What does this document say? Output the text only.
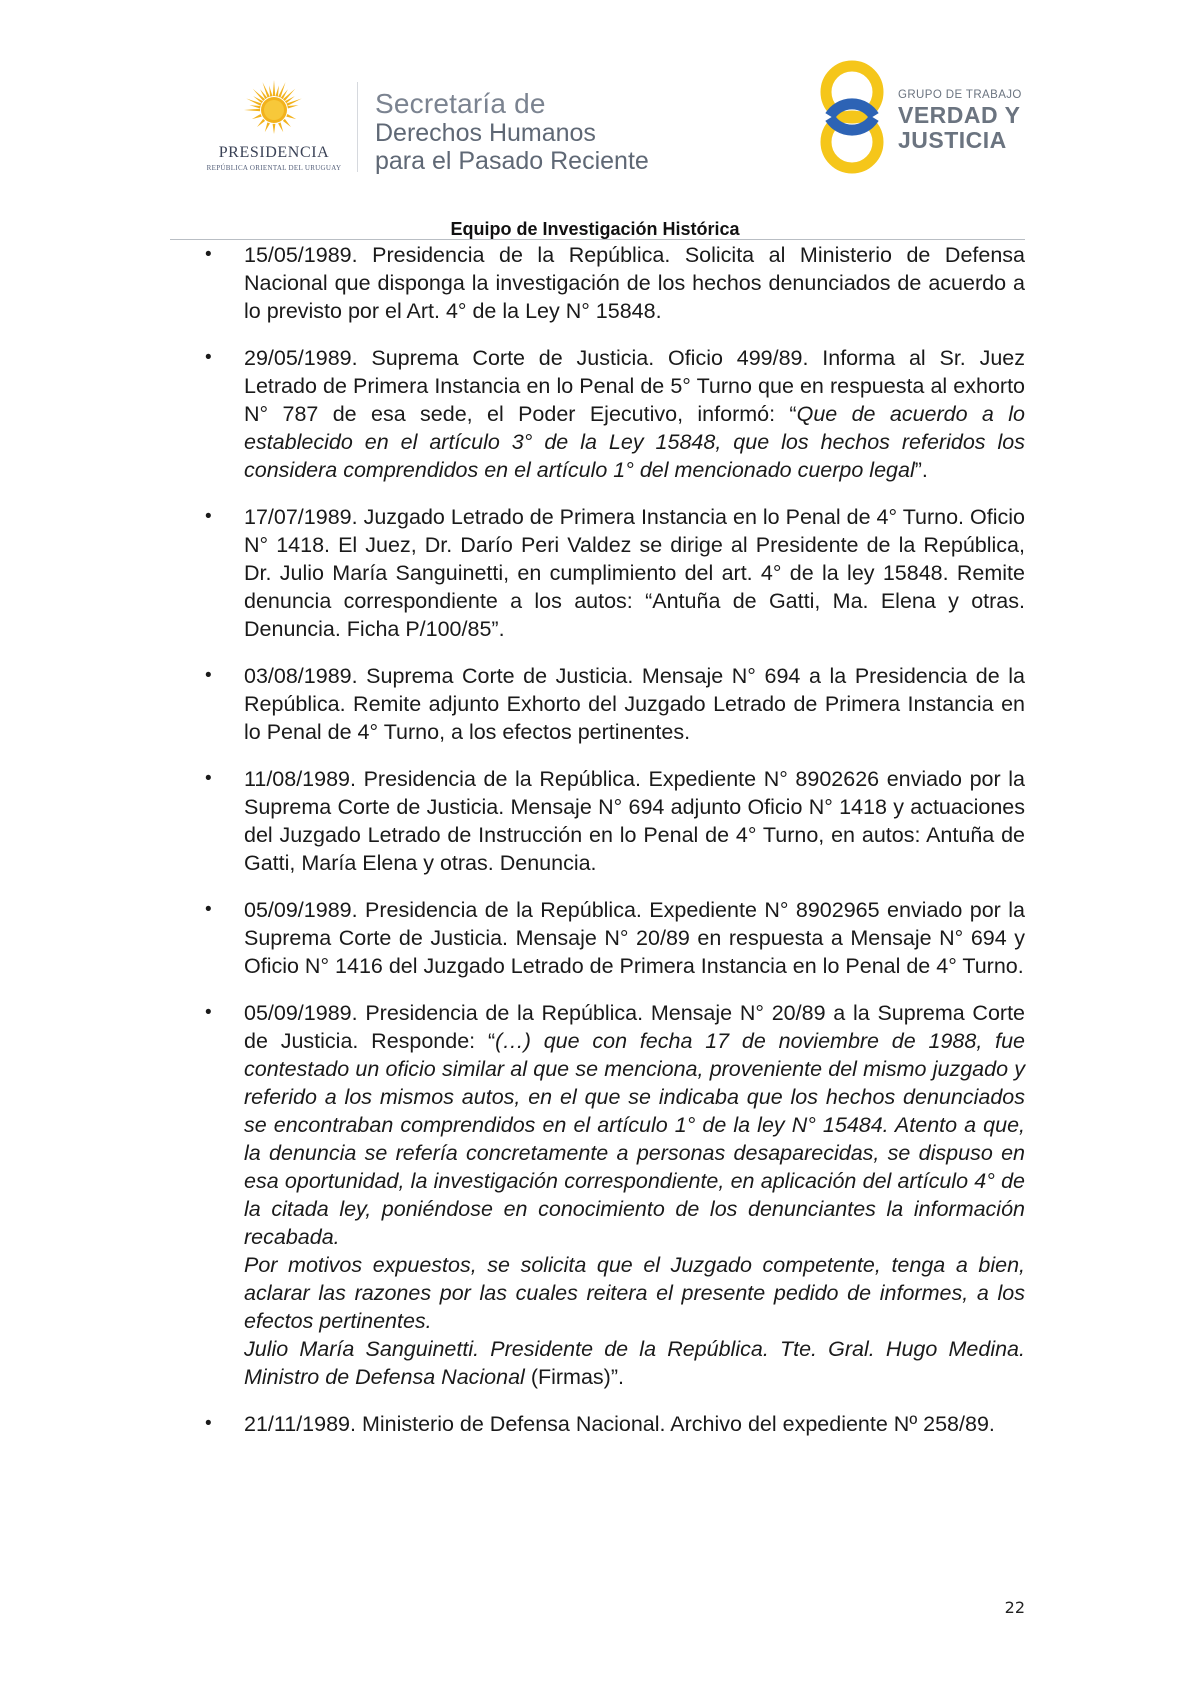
PRESIDENCIA
REPÚBLICA ORIENTAL DEL URUGUAY
Secretaría de
Derechos Humanos
para el Pasado Reciente
GRUPO DE TRABAJO
VERDAD Y
JUSTICIA
Equipo de Investigación Histórica
• 15/05/1989. Presidencia de la República. Solicita al Ministerio de Defensa Nacional que disponga la investigación de los hechos denunciados de acuerdo a lo previsto por el Art. 4° de la Ley N° 15848.

• 29/05/1989. Suprema Corte de Justicia. Oficio 499/89. Informa al Sr. Juez Letrado de Primera Instancia en lo Penal de 5° Turno que en respuesta al exhorto N° 787 de esa sede, el Poder Ejecutivo, informó: “Que de acuerdo a lo establecido en el artículo 3° de la Ley 15848, que los hechos referidos los considera comprendidos en el artículo 1° del mencionado cuerpo legal”.

• 17/07/1989. Juzgado Letrado de Primera Instancia en lo Penal de 4° Turno. Oficio N° 1418. El Juez, Dr. Darío Peri Valdez se dirige al Presidente de la República, Dr. Julio María Sanguinetti, en cumplimiento del art. 4° de la ley 15848. Remite denuncia correspondiente a los autos: “Antuña de Gatti, Ma. Elena y otras. Denuncia. Ficha P/100/85”.

• 03/08/1989. Suprema Corte de Justicia. Mensaje N° 694 a la Presidencia de la República. Remite adjunto Exhorto del Juzgado Letrado de Primera Instancia en lo Penal de 4° Turno, a los efectos pertinentes.

• 11/08/1989. Presidencia de la República. Expediente N° 8902626 enviado por la Suprema Corte de Justicia. Mensaje N° 694 adjunto Oficio N° 1418 y actuaciones del Juzgado Letrado de Instrucción en lo Penal de 4° Turno, en autos: Antuña de Gatti, María Elena y otras. Denuncia.

• 05/09/1989. Presidencia de la República. Expediente N° 8902965 enviado por la Suprema Corte de Justicia. Mensaje N° 20/89 en respuesta a Mensaje N° 694 y Oficio N° 1416 del Juzgado Letrado de Primera Instancia en lo Penal de 4° Turno.

• 05/09/1989. Presidencia de la República. Mensaje N° 20/89 a la Suprema Corte de Justicia. Responde: “(…) que con fecha 17 de noviembre de 1988, fue contestado un oficio similar al que se menciona, proveniente del mismo juzgado y referido a los mismos autos, en el que se indicaba que los hechos denunciados se encontraban comprendidos en el artículo 1° de la ley N° 15484. Atento a que, la denuncia se refería concretamente a personas desaparecidas, se dispuso en esa oportunidad, la investigación correspondiente, en aplicación del artículo 4° de la citada ley, poniéndose en conocimiento de los denunciantes la información recabada.

Por motivos expuestos, se solicita que el Juzgado competente, tenga a bien, aclarar las razones por las cuales reitera el presente pedido de informes, a los efectos pertinentes.

Julio María Sanguinetti. Presidente de la República. Tte. Gral. Hugo Medina. Ministro de Defensa Nacional (Firmas)”.

• 21/11/1989. Ministerio de Defensa Nacional. Archivo del expediente Nº 258/89.

22
